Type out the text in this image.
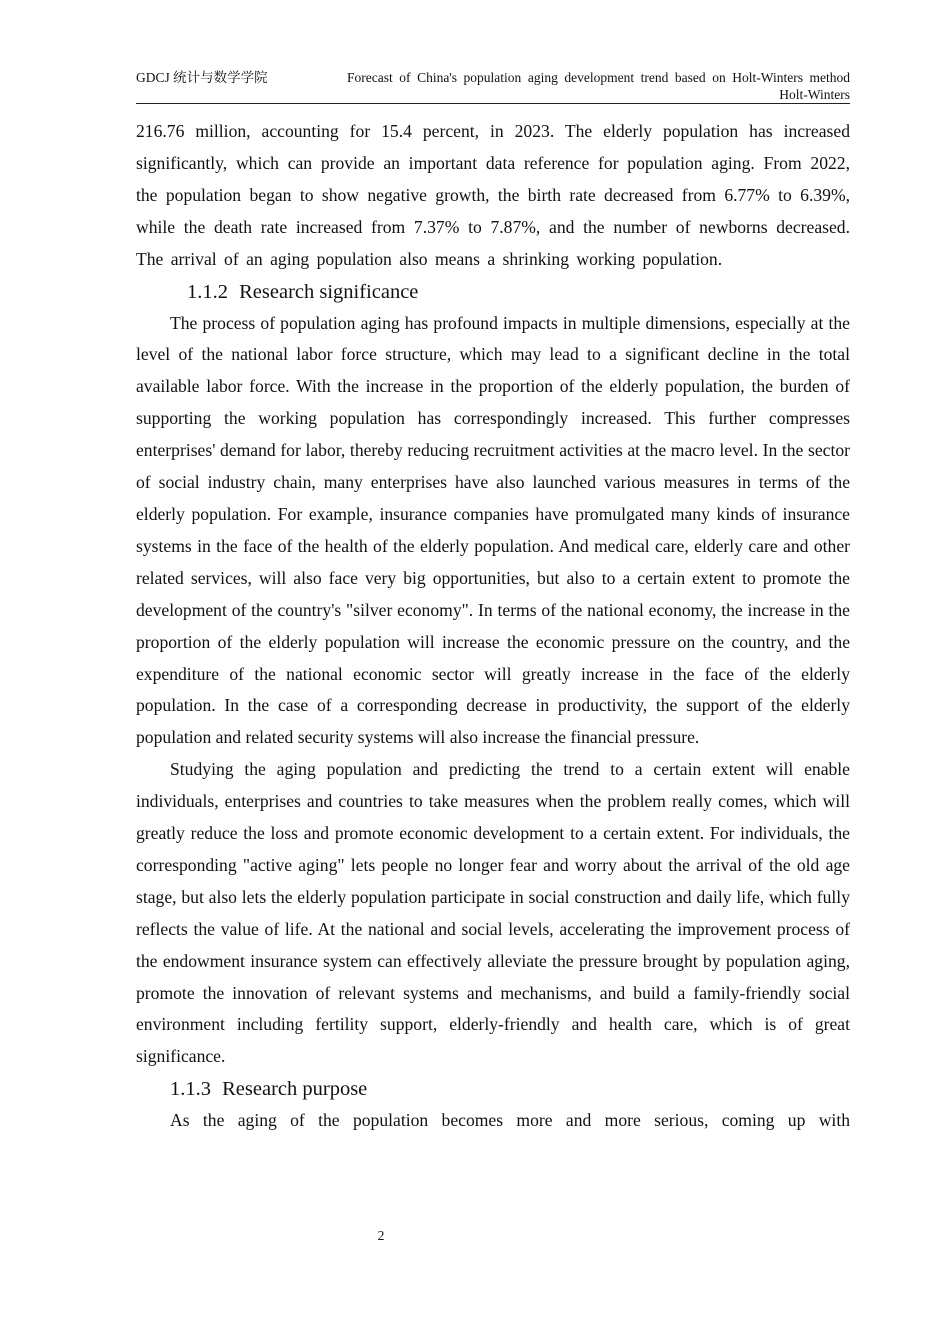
GDCJ 统计与数学学院	Forecast of China's population aging development trend based on Holt-Winters method Holt-Winters

216.76 million, accounting for 15.4 percent, in 2023. The elderly population has increased significantly, which can provide an important data reference for population aging. From 2022, the population began to show negative growth, the birth rate decreased from 6.77% to 6.39%, while the death rate increased from 7.37% to 7.87%, and the number of newborns decreased. The arrival of an aging population also means a shrinking working population.

1.1.2 Research significance

The process of population aging has profound impacts in multiple dimensions, especially at the level of the national labor force structure, which may lead to a significant decline in the total available labor force. With the increase in the proportion of the elderly population, the burden of supporting the working population has correspondingly increased. This further compresses enterprises' demand for labor, thereby reducing recruitment activities at the macro level. In the sector of social industry chain, many enterprises have also launched various measures in terms of the elderly population. For example, insurance companies have promulgated many kinds of insurance systems in the face of the health of the elderly population. And medical care, elderly care and other related services, will also face very big opportunities, but also to a certain extent to promote the development of the country's "silver economy". In terms of the national economy, the increase in the proportion of the elderly population will increase the economic pressure on the country, and the expenditure of the national economic sector will greatly increase in the face of the elderly population. In the case of a corresponding decrease in productivity, the support of the elderly population and related security systems will also increase the financial pressure.

Studying the aging population and predicting the trend to a certain extent will enable individuals, enterprises and countries to take measures when the problem really comes, which will greatly reduce the loss and promote economic development to a certain extent. For individuals, the corresponding "active aging" lets people no longer fear and worry about the arrival of the old age stage, but also lets the elderly population participate in social construction and daily life, which fully reflects the value of life. At the national and social levels, accelerating the improvement process of the endowment insurance system can effectively alleviate the pressure brought by population aging, promote the innovation of relevant systems and mechanisms, and build a family-friendly social environment including fertility support, elderly-friendly and health care, which is of great significance.

1.1.3 Research purpose

As the aging of the population becomes more and more serious, coming up with

2
